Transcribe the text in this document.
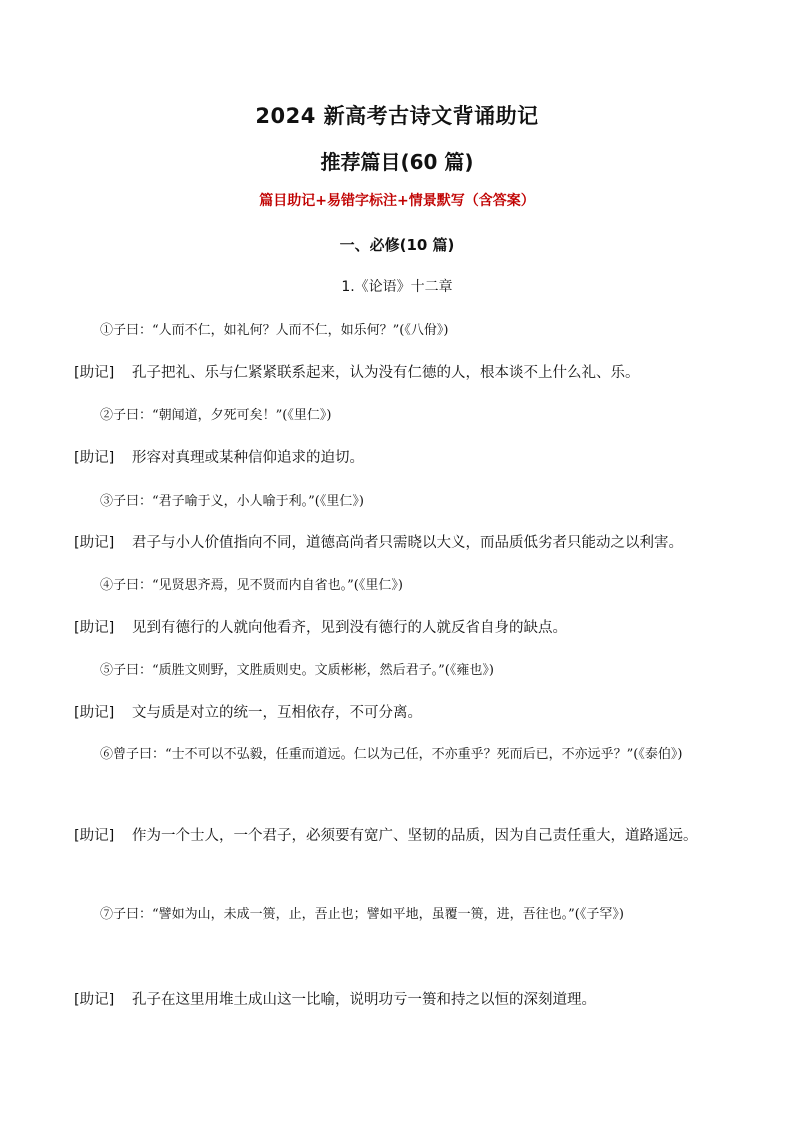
2024 新高考古诗文背诵助记
推荐篇目(60 篇)
篇目助记+易错字标注+情景默写（含答案）
一、必修(10 篇)
1.《论语》十二章
①子曰：“人而不仁，如礼何？人而不仁，如乐何？”(《八佾》)
[助记] 孔子把礼、乐与仁紧紧联系起来，认为没有仁德的人，根本谈不上什么礼、乐。
②子曰：“朝闻道，夕死可矣！”(《里仁》)
[助记] 形容对真理或某种信仰追求的迫切。
③子曰：“君子喻于义，小人喻于利。”(《里仁》)
[助记] 君子与小人价值指向不同，道德高尚者只需晓以大义，而品质低劣者只能动之以利害。
④子曰：“见贤思齐焉，见不贤而内自省也。”(《里仁》)
[助记] 见到有德行的人就向他看齐，见到没有德行的人就反省自身的缺点。
⑤子曰：“质胜文则野，文胜质则史。文质彬彬，然后君子。”(《雍也》)
[助记] 文与质是对立的统一，互相依存，不可分离。
⑥曾子曰：“士不可以不弘毅，任重而道远。仁以为己任，不亦重乎？死而后已，不亦远乎？”(《泰伯》)
[助记] 作为一个士人，一个君子，必须要有宽广、坚韧的品质，因为自己责任重大，道路遥远。
⑦子曰：“譬如为山，未成一篑，止，吾止也；譬如平地，虽覆一篑，进，吾往也。”(《子罕》)
[助记] 孔子在这里用堆土成山这一比喻，说明功亏一篑和持之以恒的深刻道理。
